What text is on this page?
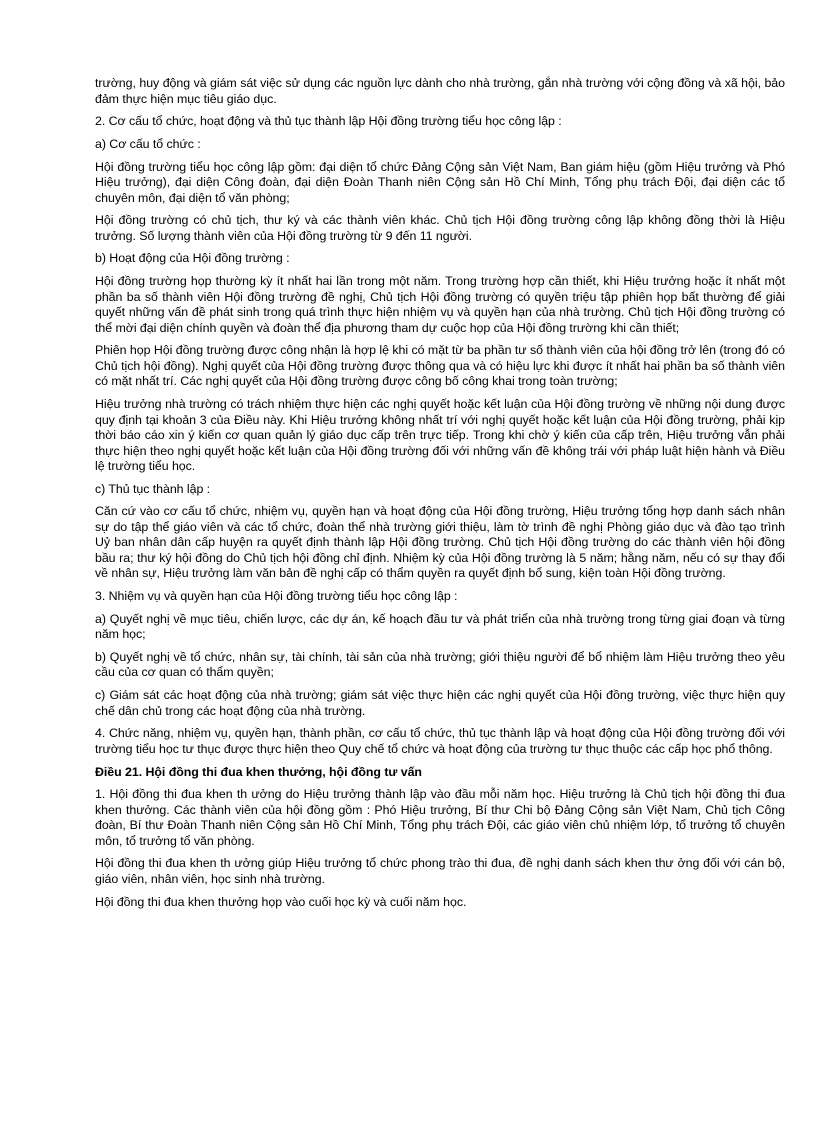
trường, huy động và giám sát việc sử dụng các nguồn lực dành cho nhà trường, gắn nhà trường với cộng đồng và xã hội, bảo đảm thực hiện mục tiêu giáo dục.

2. Cơ cấu tổ chức, hoạt động và thủ tục thành lập Hội đồng trường tiểu học công lập :

a) Cơ cấu tổ chức :

Hội đồng trường tiểu học công lập gồm: đại diện tổ chức Đảng Cộng sản Việt Nam, Ban giám hiệu (gồm Hiệu trưởng và Phó Hiệu trưởng), đại diện Công đoàn, đại diện Đoàn Thanh niên Cộng sản Hồ Chí Minh, Tổng phụ trách Đội, đại diện các tổ chuyên môn, đại diện tổ văn phòng;

Hội đồng trường có chủ tịch, thư ký và các thành viên khác. Chủ tịch Hội đồng trường công lập không đồng thời là Hiệu trưởng. Số lượng thành viên của Hội đồng trường từ 9 đến 11 người.

b) Hoạt động của Hội đồng trường :

Hội đồng trường họp thường kỳ ít nhất hai lần trong một năm. Trong trường hợp cần thiết, khi Hiệu trưởng hoặc ít nhất một phần ba số thành viên Hội đồng trường đề nghị, Chủ tịch Hội đồng trường có quyền triệu tập phiên họp bất thường để giải quyết những vấn đề phát sinh trong quá trình thực hiện nhiệm vụ và quyền hạn của nhà trường. Chủ tịch Hội đồng trường có thể mời đại diện chính quyền và đoàn thể địa phương tham dự cuộc họp của Hội đồng trường khi cần thiết;

Phiên họp Hội đồng trường được công nhận là hợp lệ khi có mặt từ ba phần tư số thành viên của hội đồng trở lên (trong đó có Chủ tịch hội đồng). Nghị quyết của Hội đồng trường được thông qua và có hiệu lực khi được ít nhất hai phần ba số thành viên có mặt nhất trí. Các nghị quyết của Hội đồng trường được công bố công khai trong toàn trường;

Hiệu trưởng nhà trường có trách nhiệm thực hiện các nghị quyết hoặc kết luận của Hội đồng trường về những nội dung được quy định tại khoản 3 của Điều này. Khi Hiệu trưởng không nhất trí với nghị quyết hoặc kết luận của Hội đồng trường, phải kịp thời báo cáo xin ý kiến cơ quan quản lý giáo dục cấp trên trực tiếp. Trong khi chờ ý kiến của cấp trên, Hiệu trưởng vẫn phải thực hiện theo nghị quyết hoặc kết luận của Hội đồng trường đối với những vấn đề không trái với pháp luật hiện hành và Điều lệ trường tiểu học.

c) Thủ tục thành lập :

Căn cứ vào cơ cấu tổ chức, nhiệm vụ, quyền hạn và hoạt động của Hội đồng trường, Hiệu trưởng tổng hợp danh sách nhân sự do tập thể giáo viên và các tổ chức, đoàn thể nhà trường giới thiệu, làm tờ trình đề nghị Phòng giáo dục và đào tạo trình Uỷ ban nhân dân cấp huyện ra quyết định thành lập Hội đồng trường. Chủ tịch Hội đồng trường do các thành viên hội đồng bầu ra; thư ký hội đồng do Chủ tịch hội đồng chỉ định. Nhiệm kỳ của Hội đồng trường là 5 năm; hằng năm, nếu có sự thay đổi về nhân sự, Hiệu trưởng làm văn bản đề nghị cấp có thẩm quyền ra quyết định bổ sung, kiện toàn Hội đồng trường.

3. Nhiệm vụ và quyền hạn của Hội đồng trường tiểu học công lập :

a) Quyết nghị về mục tiêu, chiến lược, các dự án, kế hoạch đầu tư và phát triển của nhà trường trong từng giai đoạn và từng năm học;

b) Quyết nghị về tổ chức, nhân sự, tài chính, tài sản của nhà trường; giới thiệu người để bổ nhiệm làm Hiệu trưởng theo yêu cầu của cơ quan có thẩm quyền;

c) Giám sát các hoạt động của nhà trường; giám sát việc thực hiện các nghị quyết của Hội đồng trường, việc thực hiện quy chế dân chủ trong các hoạt động của nhà trường.

4. Chức năng, nhiệm vụ, quyền hạn, thành phần, cơ cấu tổ chức, thủ tục thành lập và hoạt động của Hội đồng trường đối với trường tiểu học tư thục được thực hiện theo Quy chế tổ chức và hoạt động của trường tư thục thuộc các cấp học phổ thông.

Điều 21. Hội đồng thi đua khen thưởng, hội đồng tư vấn

1. Hội đồng thi đua khen th ưởng do Hiệu trưởng thành lập vào đầu mỗi năm học. Hiệu trưởng là Chủ tịch hội đồng thi đua khen thưởng. Các thành viên của hội đồng gồm : Phó Hiệu trưởng, Bí thư Chi bộ Đảng Cộng sản Việt Nam, Chủ tịch Công đoàn, Bí thư Đoàn Thanh niên Cộng sản Hồ Chí Minh, Tổng phụ trách Đội, các giáo viên chủ nhiệm lớp, tổ trưởng tổ chuyên môn, tổ trưởng tổ văn phòng.

Hội đồng thi đua khen th ưởng giúp Hiệu trưởng tổ chức phong trào thi đua, đề nghị danh sách khen thư ởng đối với cán bộ, giáo viên, nhân viên, học sinh nhà trường.

Hội đồng thi đua khen thưởng họp vào cuối học kỳ và cuối năm học.
